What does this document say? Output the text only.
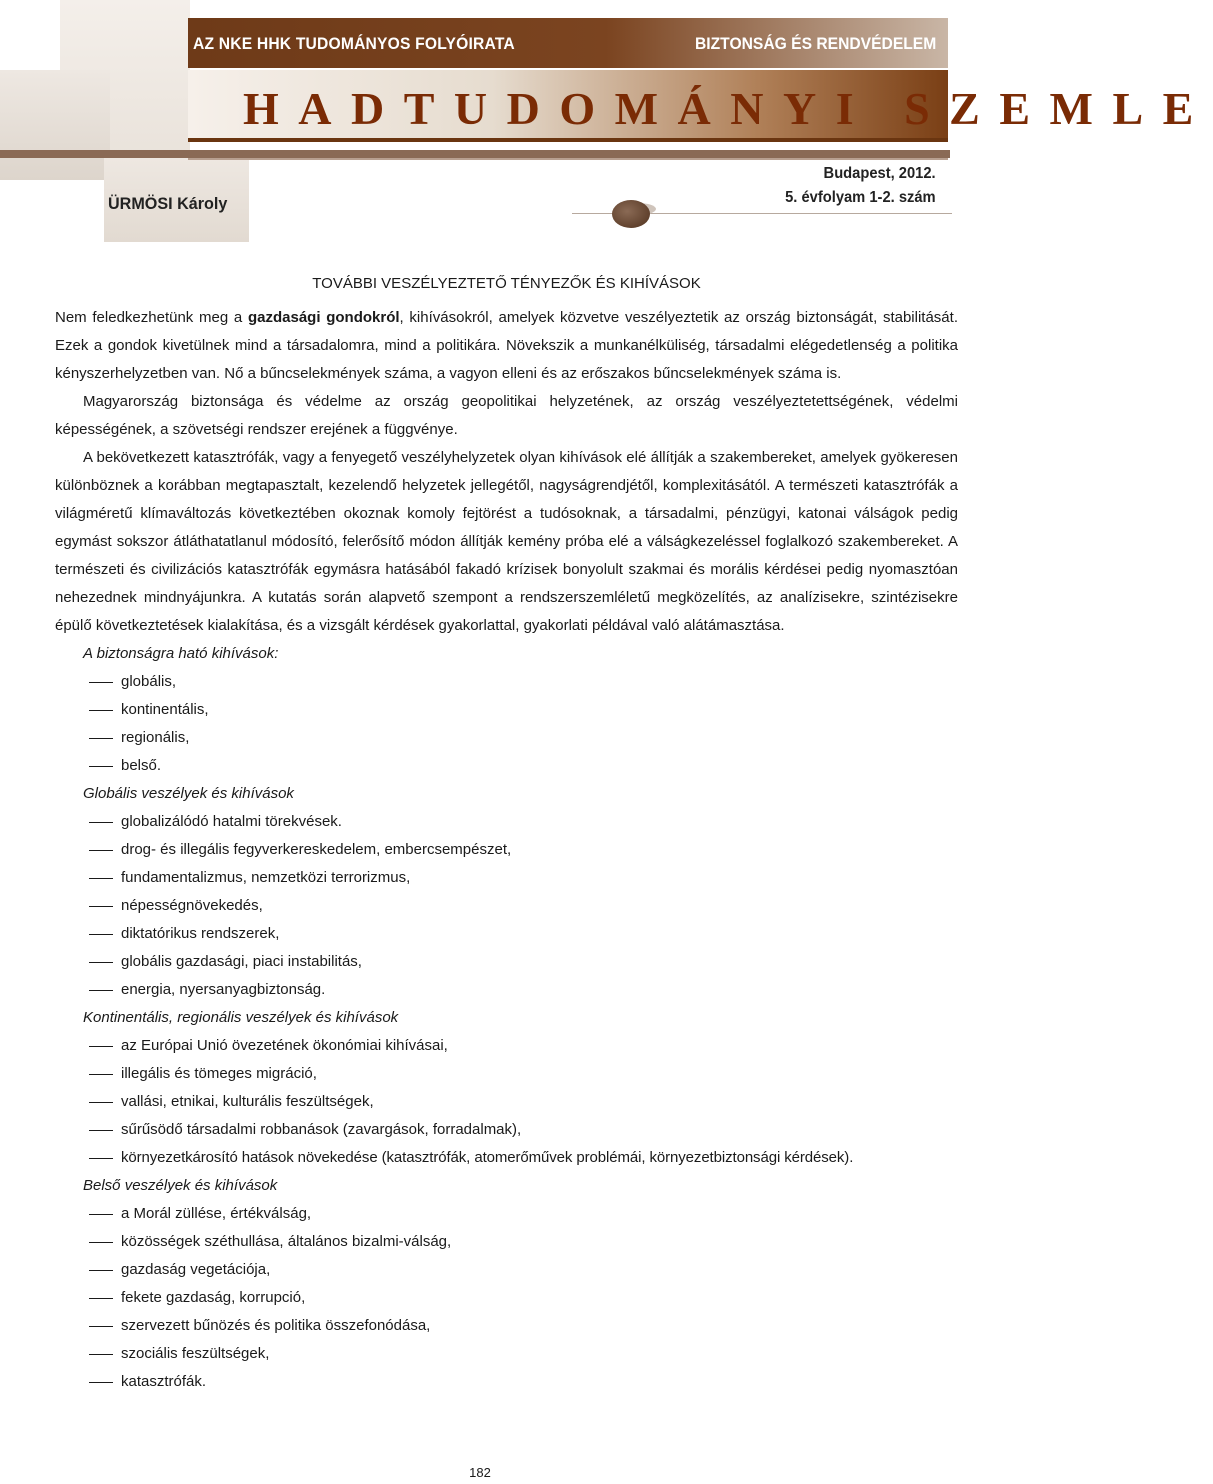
AZ NKE HHK TUDOMÁNYOS FOLYÓIRATA	BIZTONSÁG ÉS RENDVÉDELEM
HADTUDOMÁNYI SZEMLE
ÜRMÖSI Károly
Budapest, 2012.
5. évfolyam 1-2. szám

TOVÁBBI VESZÉLYEZTETŐ TÉNYEZŐK ÉS KIHÍVÁSOK

Nem feledkezhetünk meg a gazdasági gondokról, kihívásokról, amelyek közvetve veszélyeztetik az ország biztonságát, stabilitását. Ezek a gondok kivetülnek mind a társadalomra, mind a politikára. Növekszik a munkanélküliség, társadalmi elégedetlenség a politika kényszerhelyzetben van. Nő a bűncselekmények száma, a vagyon elleni és az erőszakos bűncselekmények száma is.

Magyarország biztonsága és védelme az ország geopolitikai helyzetének, az ország veszélyeztetettségének, védelmi képességének, a szövetségi rendszer erejének a függvénye.

A bekövetkezett katasztrófák, vagy a fenyegető veszélyhelyzetek olyan kihívások elé állítják a szakembereket, amelyek gyökeresen különböznek a korábban megtapasztalt, kezelendő helyzetek jellegétől, nagyságrendjétől, komplexitásától. A természeti katasztrófák a világméretű klímaváltozás következtében okoznak komoly fejtörést a tudósoknak, a társadalmi, pénzügyi, katonai válságok pedig egymást sokszor átláthatatlanul módosító, felerősítő módon állítják kemény próba elé a válságkezeléssel foglalkozó szakembereket. A természeti és civilizációs katasztrófák egymásra hatásából fakadó krízisek bonyolult szakmai és morális kérdései pedig nyomasztóan nehezednek mindnyájunkra. A kutatás során alapvető szempont a rendszerszemléletű megközelítés, az analízisekre, szintézisekre épülő következtetések kialakítása, és a vizsgált kérdések gyakorlattal, gyakorlati példával való alátámasztása.

A biztonságra ható kihívások:

globális,
kontinentális,
regionális,
belső.

Globális veszélyek és kihívások

globalizálódó hatalmi törekvések.
drog- és illegális fegyverkereskedelem, embercsempészet,
fundamentalizmus, nemzetközi terrorizmus,
népességnövekedés,
diktatórikus rendszerek,
globális gazdasági, piaci instabilitás,
energia, nyersanyagbiztonság.

Kontinentális, regionális veszélyek és kihívások

az Európai Unió övezetének ökonómiai kihívásai,
illegális és tömeges migráció,
vallási, etnikai, kulturális feszültségek,
sűrűsödő társadalmi robbanások (zavargások, forradalmak),
környezetkárosító hatások növekedése (katasztrófák, atomerőművek problémái, környezetbiztonsági kérdések).

Belső veszélyek és kihívások

a Morál züllése, értékválság,
közösségek széthullása, általános bizalmi-válság,
gazdaság vegetációja,
fekete gazdaság, korrupció,
szervezett bűnözés és politika összefonódása,
szociális feszültségek,
katasztrófák.
182
